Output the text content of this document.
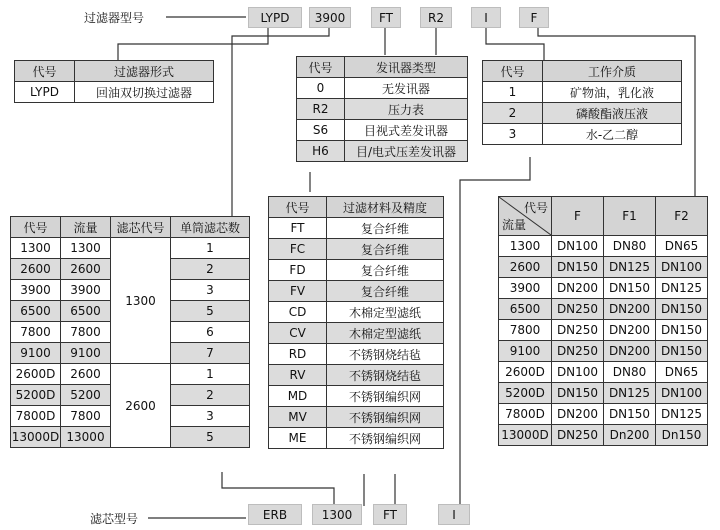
过滤器型号
滤芯型号
LYPD	3900	FT	R2	I	F
ERB	1300	FT	I
代号	过滤器形式
LYPD	回油双切换过滤器
代号	发讯器类型
0	无发讯器
R2	压力表
S6	目视式差发讯器
H6	目/电式压差发讯器
代号	工作介质
1	矿物油，乳化液
2	磷酸酯液压液
3	水-乙二醇
代号	流量	滤芯代号	单筒滤芯数
1300	1300	1300	1
2600	2600		2
3900	3900		3
6500	6500		5
7800	7800		6
9100	9100		7
2600D	2600	2600	1
5200D	5200		2
7800D	7800		3
13000D	13000		5
代号	过滤材料及精度
FT	复合纤维
FC	复合纤维
FD	复合纤维
FV	复合纤维
CD	木棉定型滤纸
CV	木棉定型滤纸
RD	不锈钢烧结毡
RV	不锈钢烧结毡
MD	不锈钢编织网
MV	不锈钢编织网
ME	不锈钢编织网
代号
流量	F	F1	F2
1300	DN100	DN80	DN65
2600	DN150	DN125	DN100
3900	DN200	DN150	DN125
6500	DN250	DN200	DN150
7800	DN250	DN200	DN150
9100	DN250	DN200	DN150
2600D	DN100	DN80	DN65
5200D	DN150	DN125	DN100
7800D	DN200	DN150	DN125
13000D	DN250	Dn200	Dn150
